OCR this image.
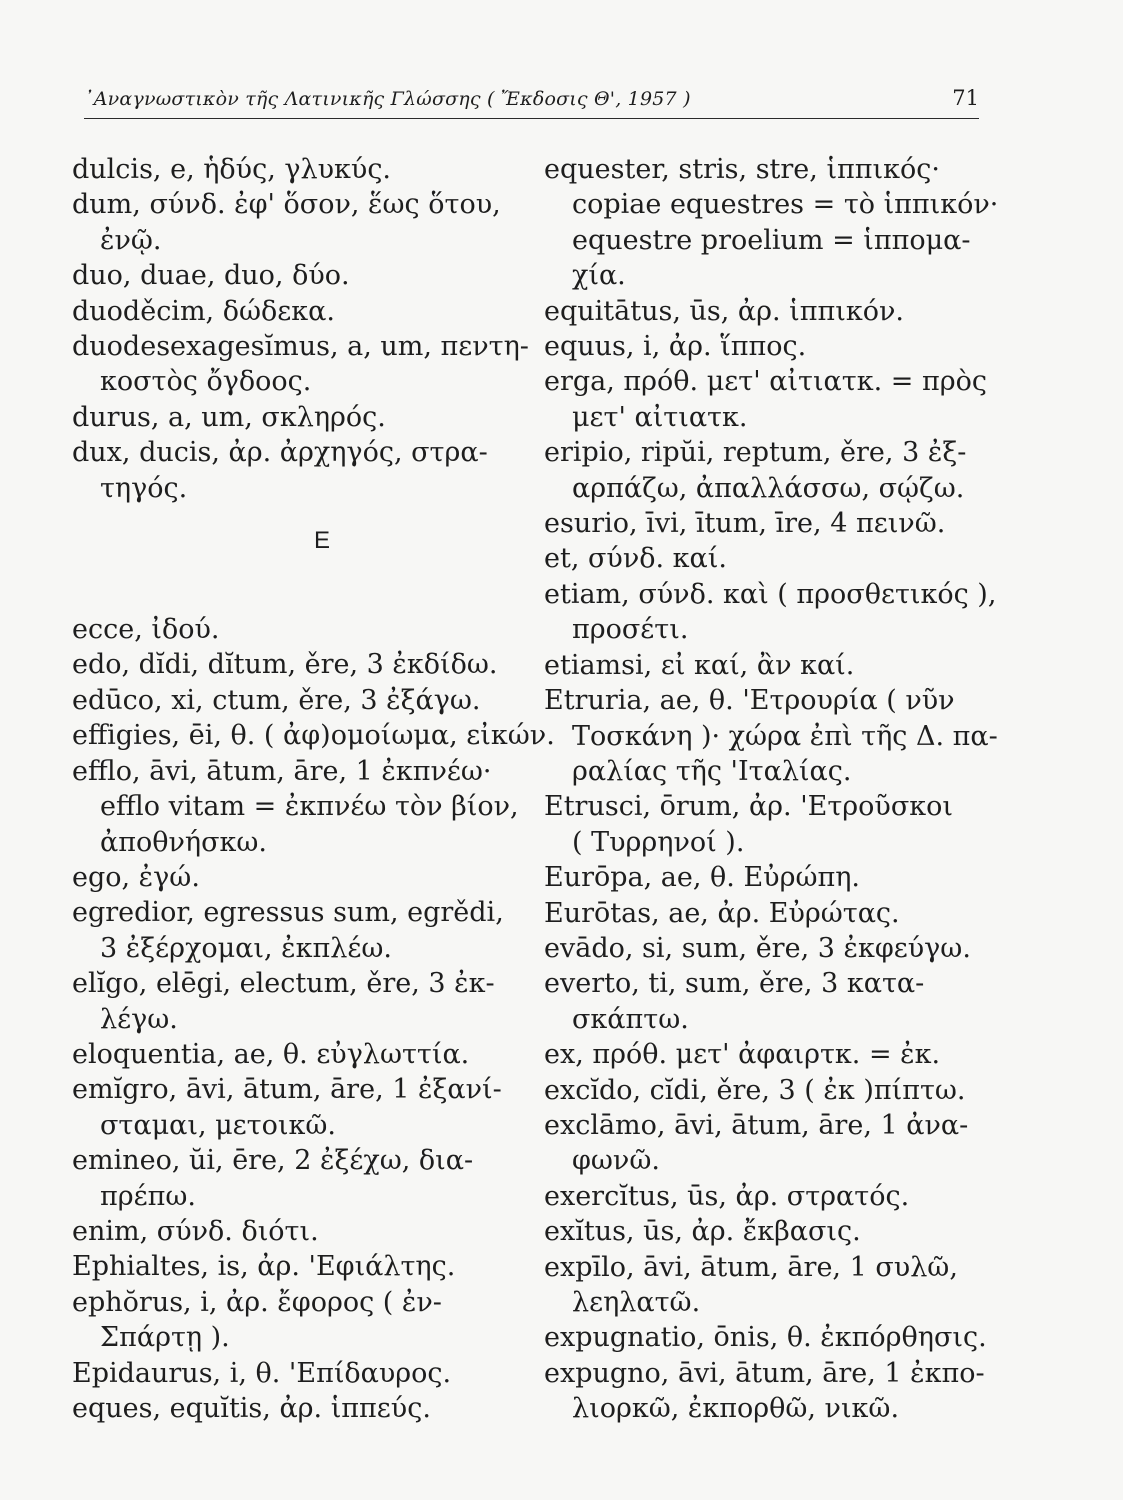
᾿Αναγνωστικὸν τῆς Λατινικῆς Γλώσσης ( Ἔκδοσις Θ', 1957 )	71

dulcis, e, ἡδύς, γλυκύς.

dum, σύνδ. ἐφ' ὅσον, ἕως ὅτου,

ἐνῷ.

duo, duae, duo, δύο.

duoděcim, δώδεκα.

duodesexagesĭmus, a, um, πεντη-

κοστὸς ὄγδοος.

durus, a, um, σκληρός.

dux, ducis, ἀρ. ἀρχηγός, στρα-

τηγός.

E

ecce, ἰδού.

edo, dĭdi, dĭtum, ěre, 3 ἐκδίδω.

edūco, xi, ctum, ěre, 3 ἐξάγω.

effigies, ēi, θ. ( ἀφ)ομοίωμα, εἰκών.

efflo, āvi, ātum, āre, 1 ἐκπνέω·

efflo vitam = ἐκπνέω τὸν βίον,

ἀποθνήσκω.

ego, ἐγώ.

egredior, egressus sum, egrědi,

3 ἐξέρχομαι, ἐκπλέω.

elĭgo, elēgi, electum, ěre, 3 ἐκ-

λέγω.

eloquentia, ae, θ. εὐγλωττία.

emĭgro, āvi, ātum, āre, 1 ἐξανί-

σταμαι, μετοικῶ.

emineo, ŭi, ēre, 2 ἐξέχω, δια-

πρέπω.

enim, σύνδ. διότι.

Ephialtes, is, ἀρ. 'Εφιάλτης.

ephŏrus, i, ἀρ. ἔφορος ( ἐν-

Σπάρτῃ ).

Epidaurus, i, θ. 'Επίδαυρος.

eques, equĭtis, ἀρ. ἱππεύς.

equester, stris, stre, ἱππικός·

copiae equestres = τὸ ἱππικόν·

equestre proelium = ἱππομα-

χία.

equitātus, ūs, ἀρ. ἱππικόν.

equus, i, ἀρ. ἵππος.

erga, πρόθ. μετ' αἰτιατκ. = πρὸς

μετ' αἰτιατκ.

eripio, ripŭi, reptum, ěre, 3 ἐξ-

αρπάζω, ἀπαλλάσσω, σῴζω.

esurio, īvi, ītum, īre, 4 πεινῶ.

et, σύνδ. καί.

etiam, σύνδ. καὶ ( προσθετικός ),

προσέτι.

etiamsi, εἰ καί, ἂν καί.

Etruria, ae, θ. 'Ετρουρία ( νῦν

Τοσκάνη )· χώρα ἐπὶ τῆς Δ. πα-

ραλίας τῆς 'Ιταλίας.

Etrusci, ōrum, ἀρ. 'Ετροῦσκοι

( Τυρρηνοί ).

Eurōpa, ae, θ. Εὐρώπη.

Eurōtas, ae, ἀρ. Εὐρώτας.

evādo, si, sum, ěre, 3 ἐκφεύγω.

everto, ti, sum, ěre, 3 κατα-

σκάπτω.

ex, πρόθ. μετ' ἀφαιρτκ. = ἐκ.

excĭdo, cĭdi, ěre, 3 ( ἐκ )πίπτω.

exclāmo, āvi, ātum, āre, 1 ἀνα-

φωνῶ.

exercĭtus, ūs, ἀρ. στρατός.

exĭtus, ūs, ἀρ. ἔκβασις.

expīlo, āvi, ātum, āre, 1 συλῶ,

λεηλατῶ.

expugnatio, ōnis, θ. ἐκπόρθησις.

expugno, āvi, ātum, āre, 1 ἐκπο-

λιορκῶ, ἐκπορθῶ, νικῶ.
